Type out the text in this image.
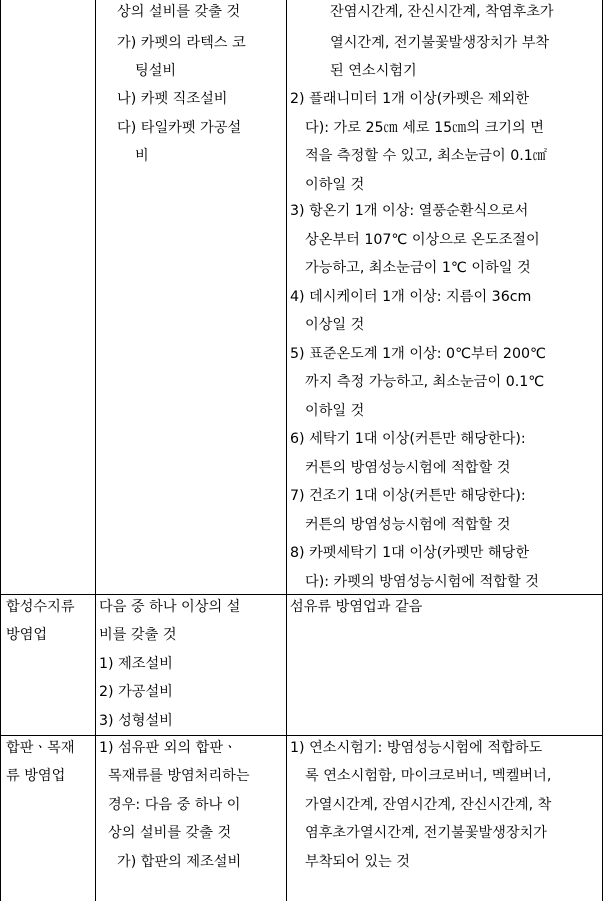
합성수지류
방염업
합판ㆍ목재
류 방염업
상의 설비를 갖출 것
가) 카펫의 라텍스 코
팅설비
나) 카펫 직조설비
다) 타일카펫 가공설
비
다음 중 하나 이상의 설
비를 갖출 것
1) 제조설비
2) 가공설비
3) 성형설비
1) 섬유판 외의 합판ㆍ
목재류를 방염처리하는
경우: 다음 중 하나 이
상의 설비를 갖출 것
가) 합판의 제조설비
잔염시간계, 잔신시간계, 착염후초가
열시간계, 전기불꽃발생장치가 부착
된 연소시험기
2) 플래니미터 1개 이상(카펫은 제외한
다): 가로 25㎝ 세로 15㎝의 크기의 면
적을 측정할 수 있고, 최소눈금이 0.1㎠
이하일 것
3) 항온기 1개 이상: 열풍순환식으로서
상온부터 107℃ 이상으로 온도조절이
가능하고, 최소눈금이 1℃ 이하일 것
4) 데시케이터 1개 이상: 지름이 36cm
이상일 것
5) 표준온도계 1개 이상: 0℃부터 200℃
까지 측정 가능하고, 최소눈금이 0.1℃
이하일 것
6) 세탁기 1대 이상(커튼만 해당한다):
커튼의 방염성능시험에 적합할 것
7) 건조기 1대 이상(커튼만 해당한다):
커튼의 방염성능시험에 적합할 것
8) 카펫세탁기 1대 이상(카펫만 해당한
다): 카펫의 방염성능시험에 적합할 것
섬유류 방염업과 같음
1) 연소시험기: 방염성능시험에 적합하도
록 연소시험함, 마이크로버너, 멕켈버너,
가열시간계, 잔염시간계, 잔신시간계, 착
염후초가열시간계, 전기불꽃발생장치가
부착되어 있는 것
